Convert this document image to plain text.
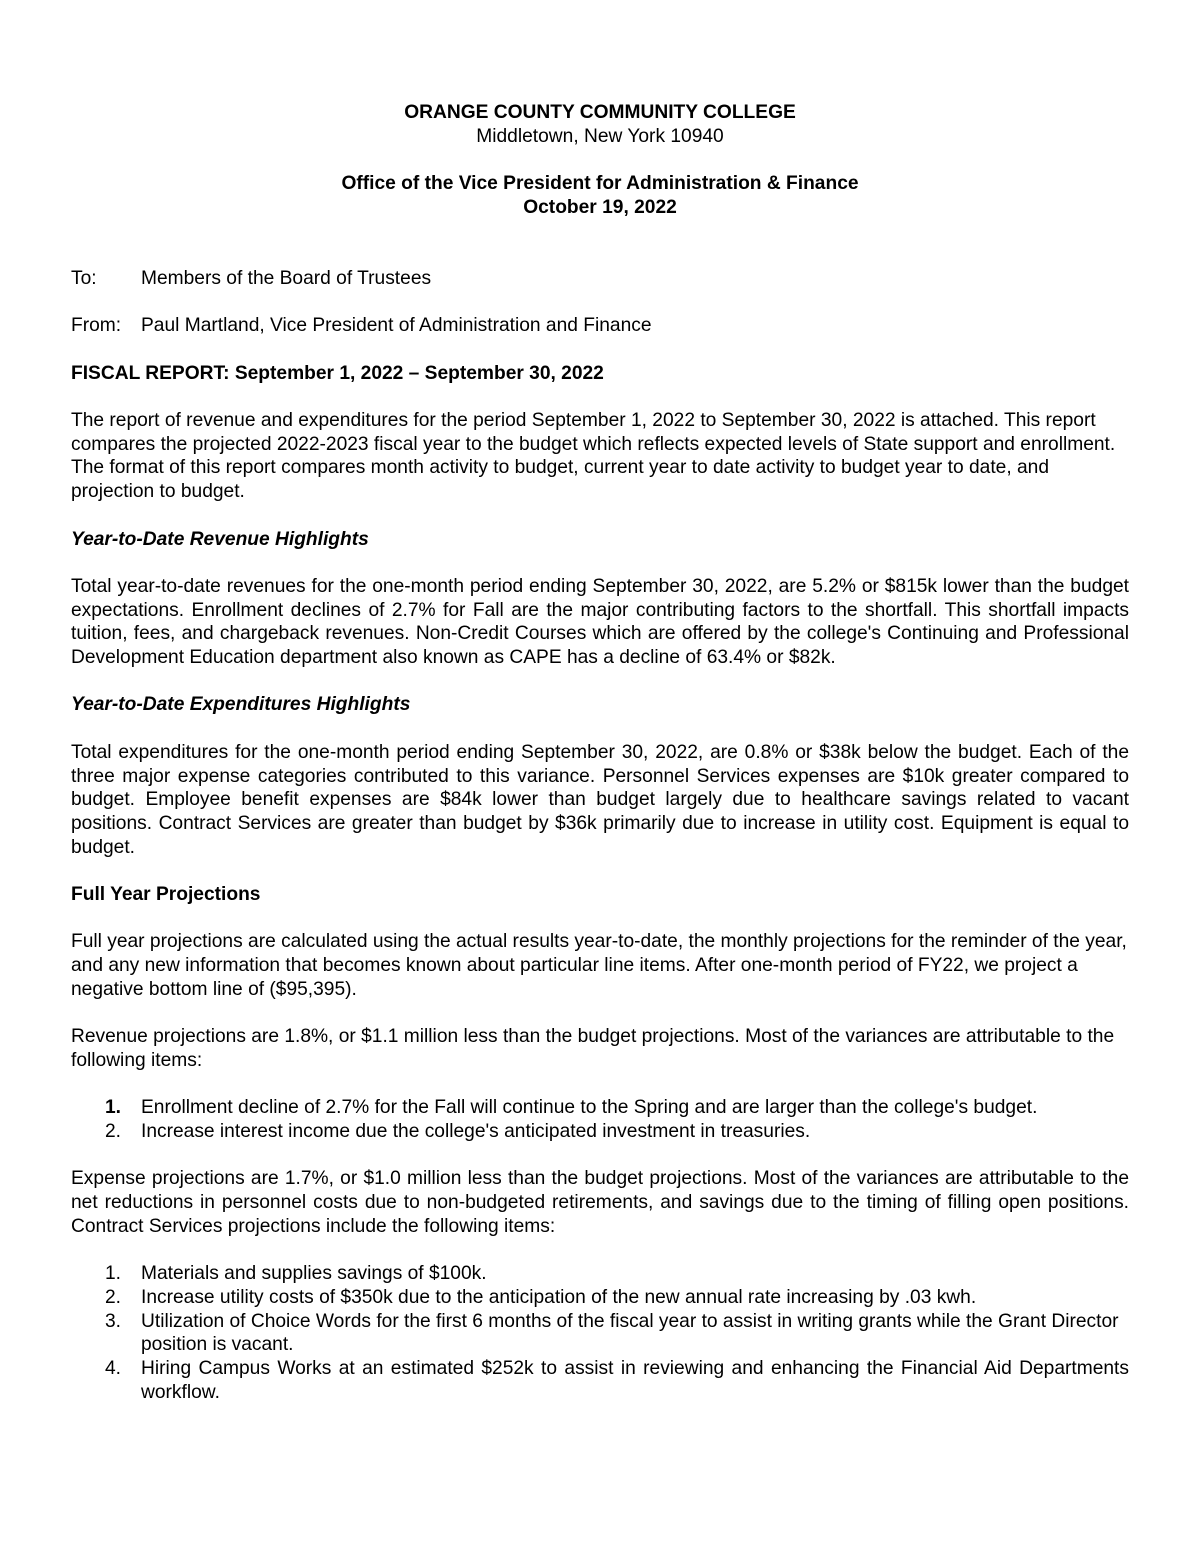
ORANGE COUNTY COMMUNITY COLLEGE
Middletown, New York 10940
Office of the Vice President for Administration & Finance
October 19, 2022
To:	Members of the Board of Trustees
From:	Paul Martland, Vice President of Administration and Finance

FISCAL REPORT: September 1, 2022 – September 30, 2022

The report of revenue and expenditures for the period September 1, 2022 to September 30, 2022 is attached. This report compares the projected 2022-2023 fiscal year to the budget which reflects expected levels of State support and enrollment. The format of this report compares month activity to budget, current year to date activity to budget year to date, and projection to budget.

Year-to-Date Revenue Highlights

Total year-to-date revenues for the one-month period ending September 30, 2022, are 5.2% or $815k lower than the budget expectations. Enrollment declines of 2.7% for Fall are the major contributing factors to the shortfall. This shortfall impacts tuition, fees, and chargeback revenues. Non-Credit Courses which are offered by the college's Continuing and Professional Development Education department also known as CAPE has a decline of 63.4% or $82k.

Year-to-Date Expenditures Highlights

Total expenditures for the one-month period ending September 30, 2022, are 0.8% or $38k below the budget. Each of the three major expense categories contributed to this variance. Personnel Services expenses are $10k greater compared to budget. Employee benefit expenses are $84k lower than budget largely due to healthcare savings related to vacant positions. Contract Services are greater than budget by $36k primarily due to increase in utility cost. Equipment is equal to budget.

Full Year Projections

Full year projections are calculated using the actual results year-to-date, the monthly projections for the reminder of the year, and any new information that becomes known about particular line items. After one-month period of FY22, we project a negative bottom line of ($95,395).

Revenue projections are 1.8%, or $1.1 million less than the budget projections. Most of the variances are attributable to the following items:

1.	Enrollment decline of 2.7% for the Fall will continue to the Spring and are larger than the college's budget.
2.	Increase interest income due the college's anticipated investment in treasuries.

Expense projections are 1.7%, or $1.0 million less than the budget projections. Most of the variances are attributable to the net reductions in personnel costs due to non-budgeted retirements, and savings due to the timing of filling open positions. Contract Services projections include the following items:

1.	Materials and supplies savings of $100k.
2.	Increase utility costs of $350k due to the anticipation of the new annual rate increasing by .03 kwh.
3.	Utilization of Choice Words for the first 6 months of the fiscal year to assist in writing grants while the Grant Director position is vacant.
4.	Hiring Campus Works at an estimated $252k to assist in reviewing and enhancing the Financial Aid Departments workflow.
